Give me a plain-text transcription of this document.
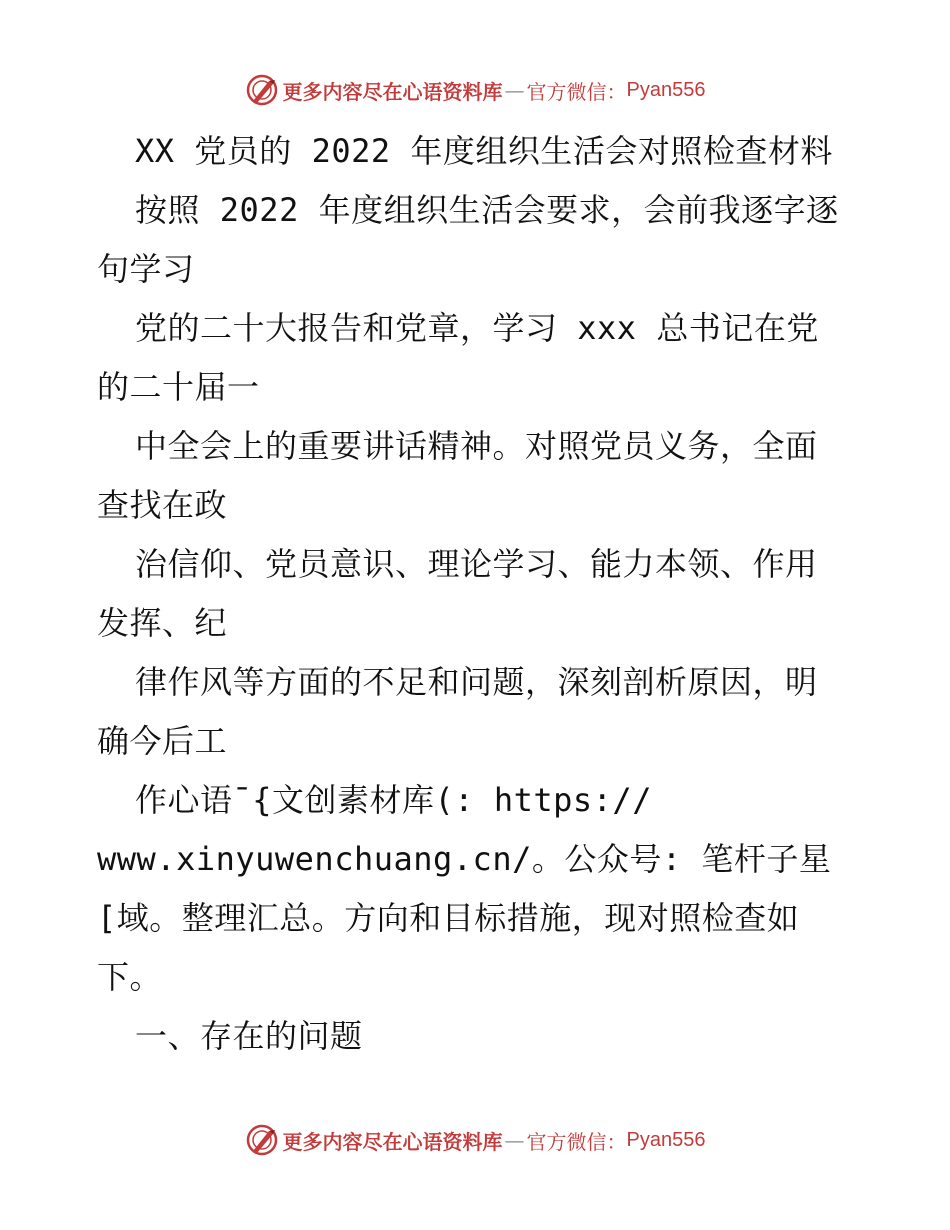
更多内容尽在心语资料库 — 官方微信： Pyan556
XX 党员的 2022 年度组织生活会对照检查材料
按照 2022 年度组织生活会要求，会前我逐字逐
句学习
党的二十大报告和党章，学习 xxx 总书记在党
的二十届一
中全会上的重要讲话精神。对照党员义务，全面
查找在政
治信仰、党员意识、理论学习、能力本领、作用
发挥、纪
律作风等方面的不足和问题，深刻剖析原因，明
确今后工
作心语¯{文创素材库(: https://
www.xinyuwenchuang.cn/。公众号: 笔杆子星
[域。整理汇总。方向和目标措施，现对照检查如
下。
一、存在的问题
更多内容尽在心语资料库 — 官方微信： Pyan556
